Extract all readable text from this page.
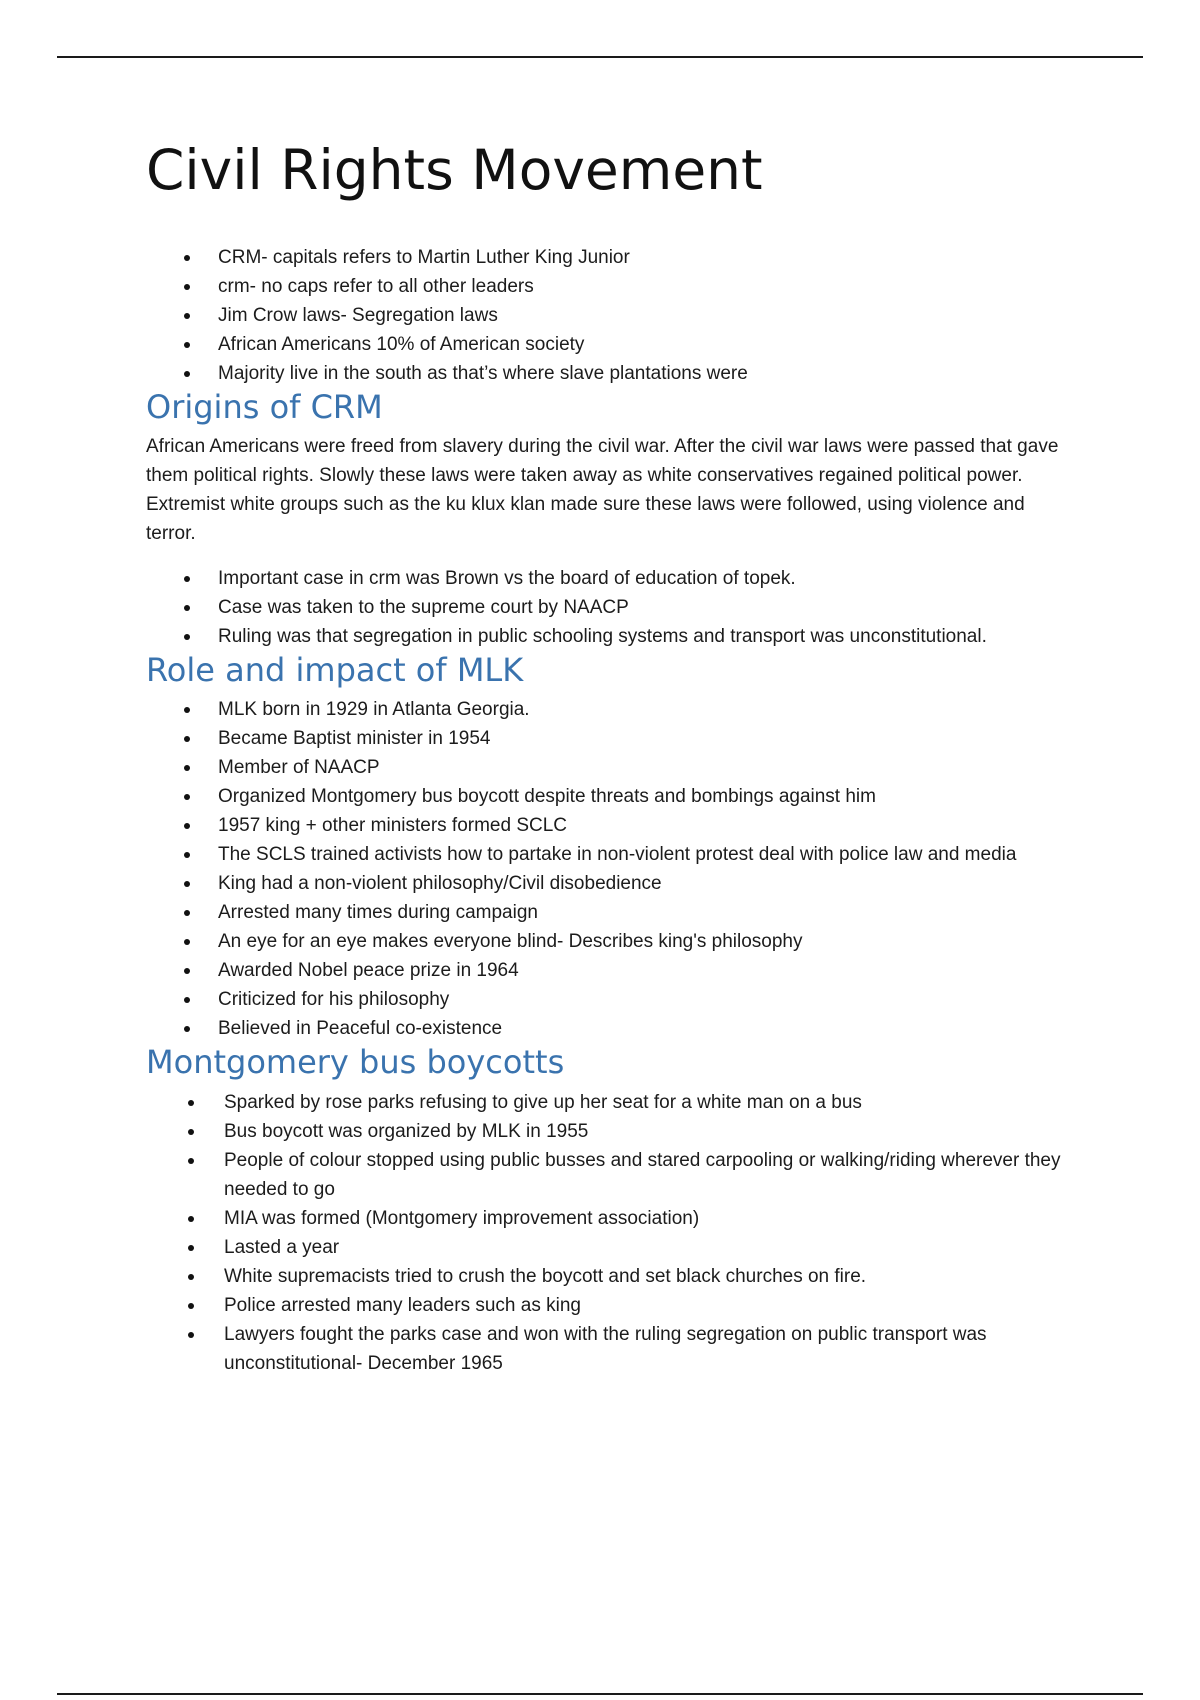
Civil Rights Movement
CRM- capitals refers to Martin Luther King Junior
crm- no caps refer to all other leaders
Jim Crow laws- Segregation laws
African Americans 10% of American society
Majority live in the south as that’s where slave plantations were
Origins of CRM

African Americans were freed from slavery during the civil war. After the civil war laws were passed that gave them political rights. Slowly these laws were taken away as white conservatives regained political power. Extremist white groups such as the ku klux klan made sure these laws were followed, using violence and terror.

Important case in crm was Brown vs the board of education of topek.
Case was taken to the supreme court by NAACP
Ruling was that segregation in public schooling systems and transport was unconstitutional.
Role and impact of MLK
MLK born in 1929 in Atlanta Georgia.
Became Baptist minister in 1954
Member of NAACP
Organized Montgomery bus boycott despite threats and bombings against him
1957 king + other ministers formed SCLC
The SCLS trained activists how to partake in non-violent protest deal with police law and media
King had a non-violent philosophy/Civil disobedience
Arrested many times during campaign
An eye for an eye makes everyone blind- Describes king's philosophy
Awarded Nobel peace prize in 1964
Criticized for his philosophy
Believed in Peaceful co-existence
Montgomery bus boycotts
Sparked by rose parks refusing to give up her seat for a white man on a bus
Bus boycott was organized by MLK in 1955
People of colour stopped using public busses and stared carpooling or walking/riding wherever they needed to go
MIA was formed (Montgomery improvement association)
Lasted a year
White supremacists tried to crush the boycott and set black churches on fire.
Police arrested many leaders such as king
Lawyers fought the parks case and won with the ruling segregation on public transport was unconstitutional- December 1965
